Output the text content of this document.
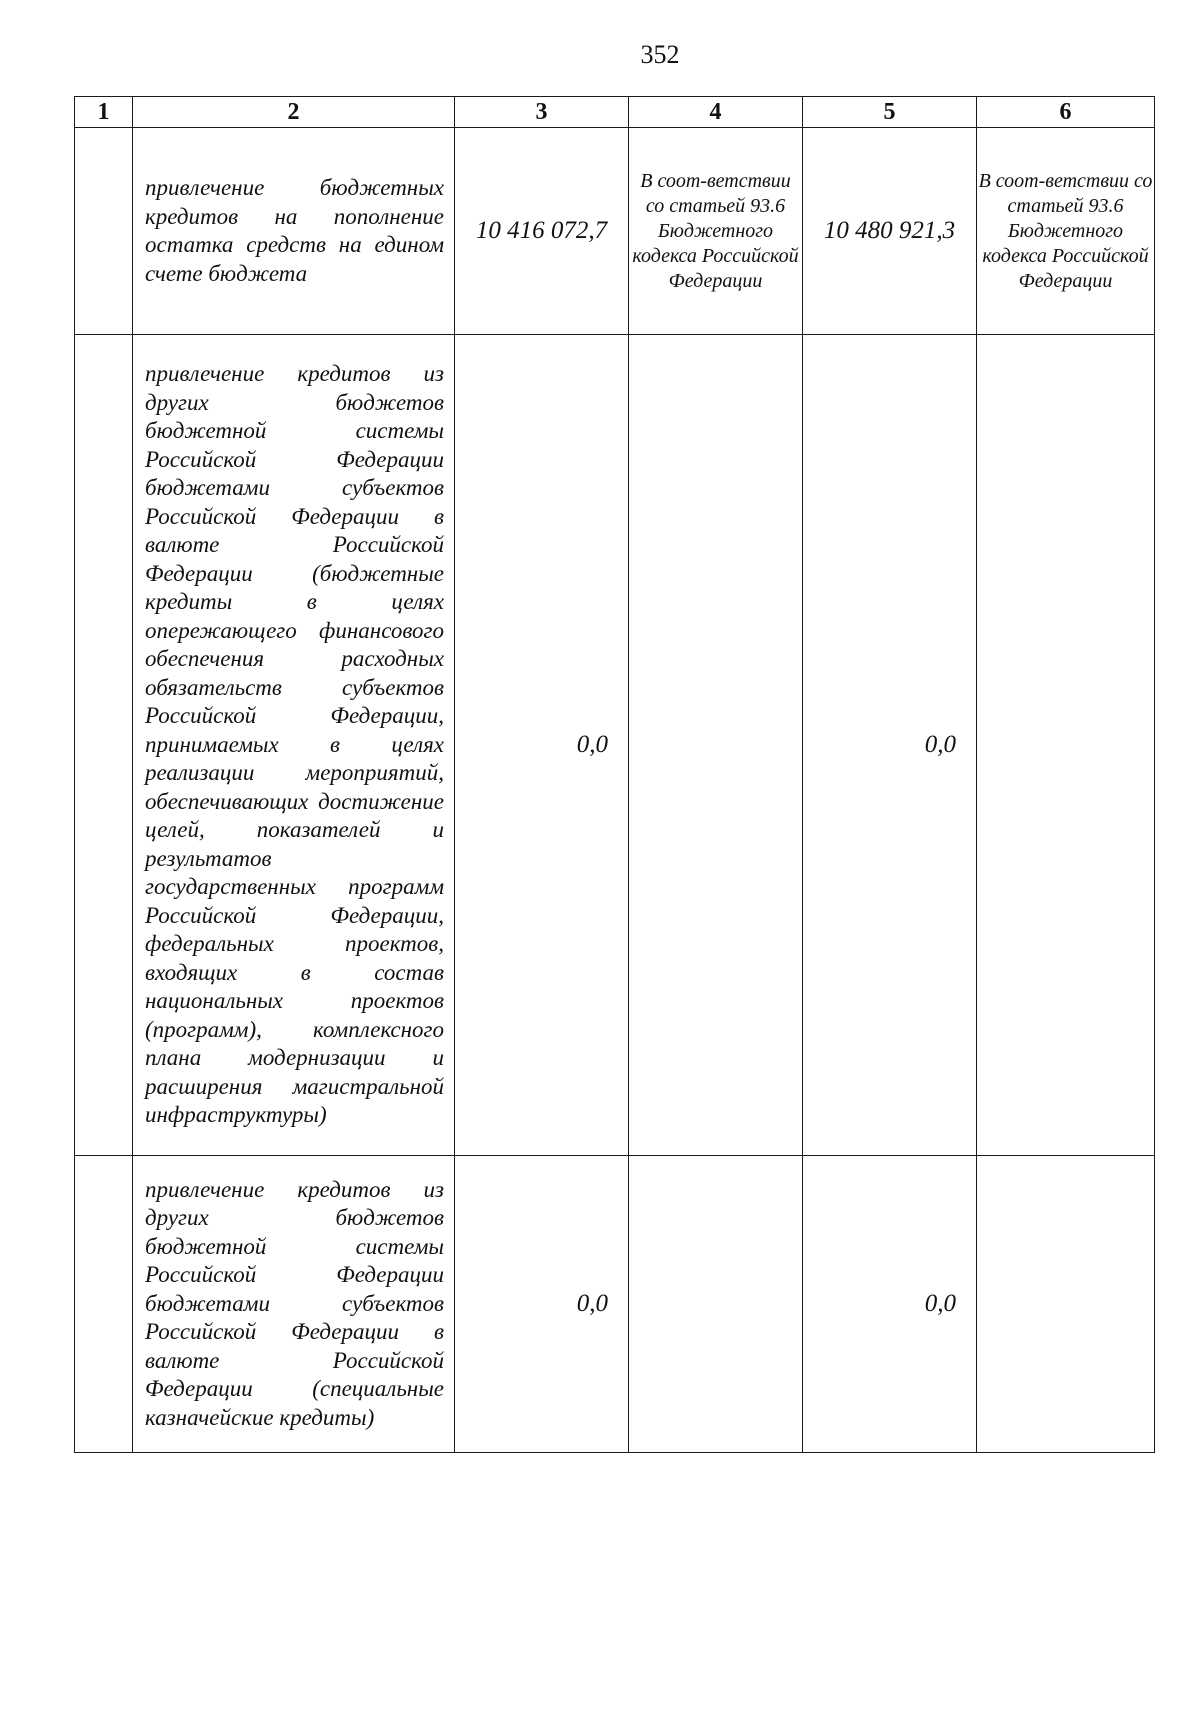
352
1	2	3	4	5	6
	привлечение бюджетных кредитов на пополнение остатка средств на едином счете бюджета	10 416 072,7	В соот-ветствии со статьей 93.6 Бюджетного кодекса Российской Федерации	10 480 921,3	В соот-ветствии со статьей 93.6 Бюджетного кодекса Российской Федерации
	привлечение кредитов из других бюджетов бюджетной системы Российской Федерации бюджетами субъектов Российской Федерации в валюте Российской Федерации (бюджетные кредиты в целях опережающего финансового обеспечения расходных обязательств субъектов Российской Федерации, принимаемых в целях реализации мероприятий, обеспечивающих достижение целей, показателей и результатов государственных программ Российской Федерации, федеральных проектов, входящих в состав национальных проектов (программ), комплексного плана модернизации и расширения магистральной инфраструктуры)	0,0		0,0	
	привлечение кредитов из других бюджетов бюджетной системы Российской Федерации бюджетами субъектов Российской Федерации в валюте Российской Федерации (специальные казначейские кредиты)	0,0		0,0	
